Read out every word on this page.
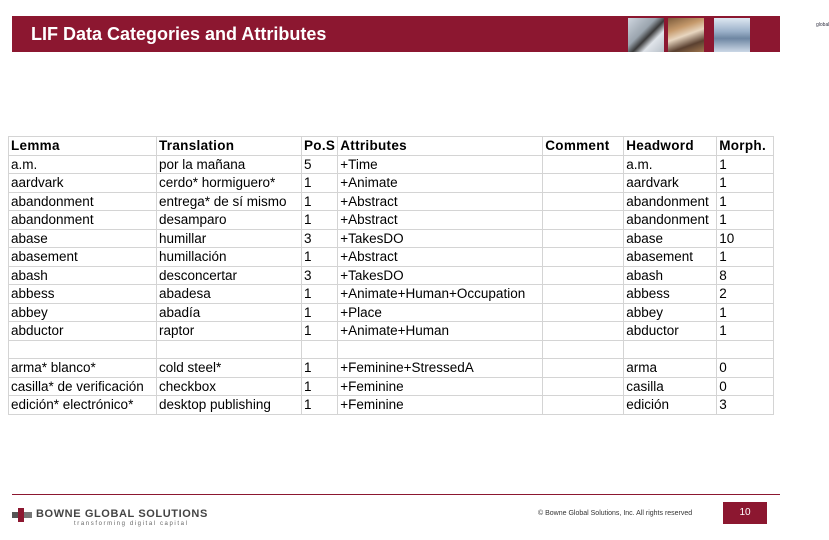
LIF Data Categories and Attributes	global
Lemma	Translation	Po.S	Attributes	Comment	Headword	Morph.
a.m.	por la mañana	5	+Time		a.m.	1
aardvark	cerdo* hormiguero*	1	+Animate		aardvark	1
abandonment	entrega* de sí mismo	1	+Abstract		abandonment	1
abandonment	desamparo	1	+Abstract		abandonment	1
abase	humillar	3	+TakesDO		abase	10
abasement	humillación	1	+Abstract		abasement	1
abash	desconcertar	3	+TakesDO		abash	8
abbess	abadesa	1	+Animate+Human+Occupation		abbess	2
abbey	abadía	1	+Place		abbey	1
abductor	raptor	1	+Animate+Human		abductor	1

arma* blanco*	cold steel*	1	+Feminine+StressedA		arma	0
casilla* de verificación	checkbox	1	+Feminine		casilla	0
edición* electrónico*	desktop publishing	1	+Feminine		edición	3
BOWNE GLOBAL SOLUTIONS
transforming digital capital
© Bowne Global Solutions, Inc. All rights reserved	10
